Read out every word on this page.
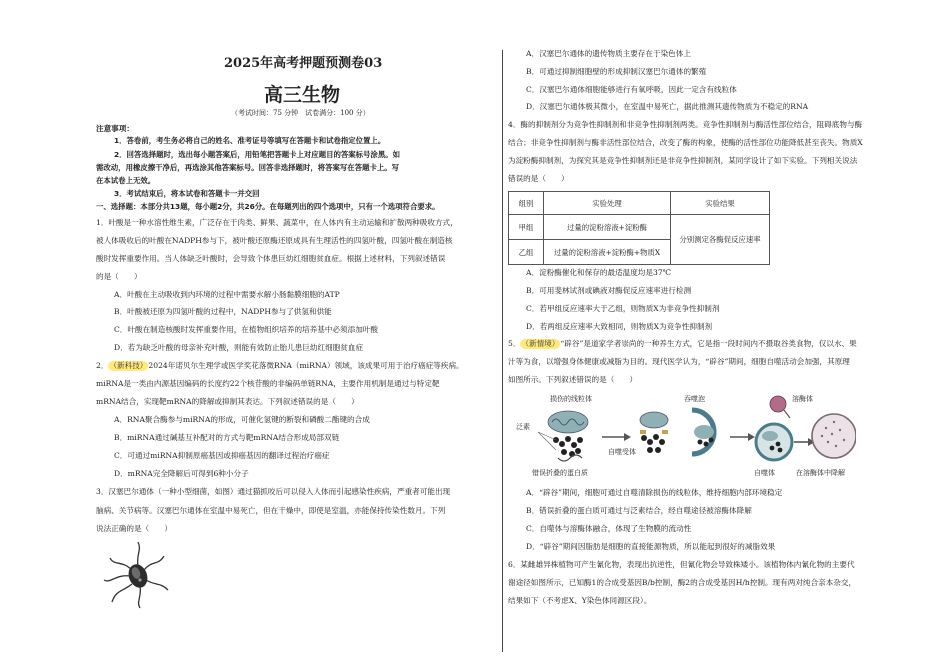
2025年高考押题预测卷03
高三生物
（考试时间：75 分钟　试卷满分：100 分）
注意事项：
1．答卷前，考生务必将自己的姓名、准考证号等填写在答题卡和试卷指定位置上。
2．回答选择题时，选出每小题答案后，用铅笔把答题卡上对应题目的答案标号涂黑。如
需改动，用橡皮擦干净后，再选涂其他答案标号。回答非选择题时，将答案写在答题卡上。写
在本试卷上无效。
3．考试结束后，将本试卷和答题卡一并交回
一、选择题：本部分共13题，每小题2分，共26分。在每题列出的四个选项中，只有一个选项符合要求。
1．叶酸是一种水溶性维生素，广泛存在于肉类、鲜果、蔬菜中，在人体内有主动运输和扩散两种吸收方式，
被人体吸收后的叶酸在NADPH参与下，被叶酸还原酶还原成具有生理活性的四氢叶酸，四氢叶酸在制造核
酸时发挥重要作用。当人体缺乏叶酸时，会导致个体患巨幼红细胞贫血症。根据上述材料，下列叙述错误
的是（　　）
A．叶酸在主动吸收到内环境的过程中需要水解小肠黏膜细胞的ATP
B．叶酸被还原为四氢叶酸的过程中，NADPH参与了供氢和供能
C．叶酸在制造核酸时发挥重要作用，在植物组织培养的培养基中必须添加叶酸
D．若为缺乏叶酸的母亲补充叶酸，则能有效防止胎儿患巨幼红细胞贫血症
2．（新科技）2024年诺贝尔生理学或医学奖花落微RNA（miRNA）领域，该成果可用于治疗癌症等疾病。
miRNA是一类由内源基因编码的长度约22个核苷酸的非编码单链RNA，主要作用机制是通过与特定靶
mRNA结合，实现靶mRNA的降解或抑制其表达。下列叙述错误的是（　　）
A．RNA聚合酶参与miRNA的形成，可催化氢键的断裂和磷酸二酯键的合成
B．miRNA通过碱基互补配对的方式与靶mRNA结合形成局部双链
C．可通过miRNA抑制原癌基因或抑癌基因的翻译过程治疗癌症
D．mRNA完全降解后可得到6种小分子
3．汉塞巴尔通体（一种小型细菌，如图）通过猫抓咬后可以侵入人体而引起感染性疾病，严重者可能出现
脑病、关节病等。汉塞巴尔通体在室温中易死亡，但在干燥中，即使是室温，亦能保持传染性数月。下列
说法正确的是（　　）
A．汉塞巴尔通体的遗传物质主要存在于染色体上
B．可通过抑制细胞壁的形成抑制汉塞巴尔通体的繁殖
C．汉塞巴尔通体细胞能够进行有氧呼吸，因此一定含有线粒体
D．汉塞巴尔通体极其微小，在室温中易死亡，据此推测其遗传物质为不稳定的RNA
4．酶的抑制剂分为竞争性抑制剂和非竞争性抑制剂两类。竞争性抑制剂与酶活性部位结合，阻碍底物与酶
结合；非竞争性抑制剂与酶非活性部位结合，改变了酶的构象，使酶的活性部位功能降低甚至丧失。物质X
为淀粉酶抑制剂，为探究其是竞争性抑制剂还是非竞争性抑制剂，某同学设计了如下实验。下列相关说法
错误的是（　　）
组别	实验处理	实验结果
甲组	过量的淀粉溶液+淀粉酶	分别测定各酶促反应速率
乙组	过量的淀粉溶液+淀粉酶+物质X	
A．淀粉酶催化和保存的最适温度均是37℃
B．可用斐林试剂或碘液对酶促反应速率进行检测
C．若甲组反应速率大于乙组，则物质X为非竞争性抑制剂
D．若两组反应速率大致相同，则物质X为竞争性抑制剂
5．（新情境）“辟谷”是道家学者崇尚的一种养生方式，它是指一段时间内不摄取谷类食物，仅以水、果
汁等为食，以增强身体健康或减脂为目的。现代医学认为，“辟谷”期间，细胞自噬活动会加强，其原理
如图所示。下列叙述错误的是（　　）
损伤的线粒体
泛素
自噬受体
吞噬泡	溶酶体
错误折叠的蛋白质	自噬体	在溶酶体中降解
A．“辟谷”期间，细胞可通过自噬清除损伤的线粒体，维持细胞内部环境稳定
B．错误折叠的蛋白质可通过与泛素结合，经自噬途径被溶酶体降解
C．自噬体与溶酶体融合，体现了生物膜的流动性
D．“辟谷”期间因脂肪是细胞的直接能源物质，所以能起到很好的减脂效果
6．某雌雄异株植物可产生氰化物，表现出抗逆性，但氰化物会导致株矮小。该植物体内氰化物的主要代
谢途径如图所示，已知酶1的合成受基因B/b控制，酶2的合成受基因H/h控制。现有两对纯合亲本杂交，
结果如下（不考虑X、Y染色体同源区段）。
